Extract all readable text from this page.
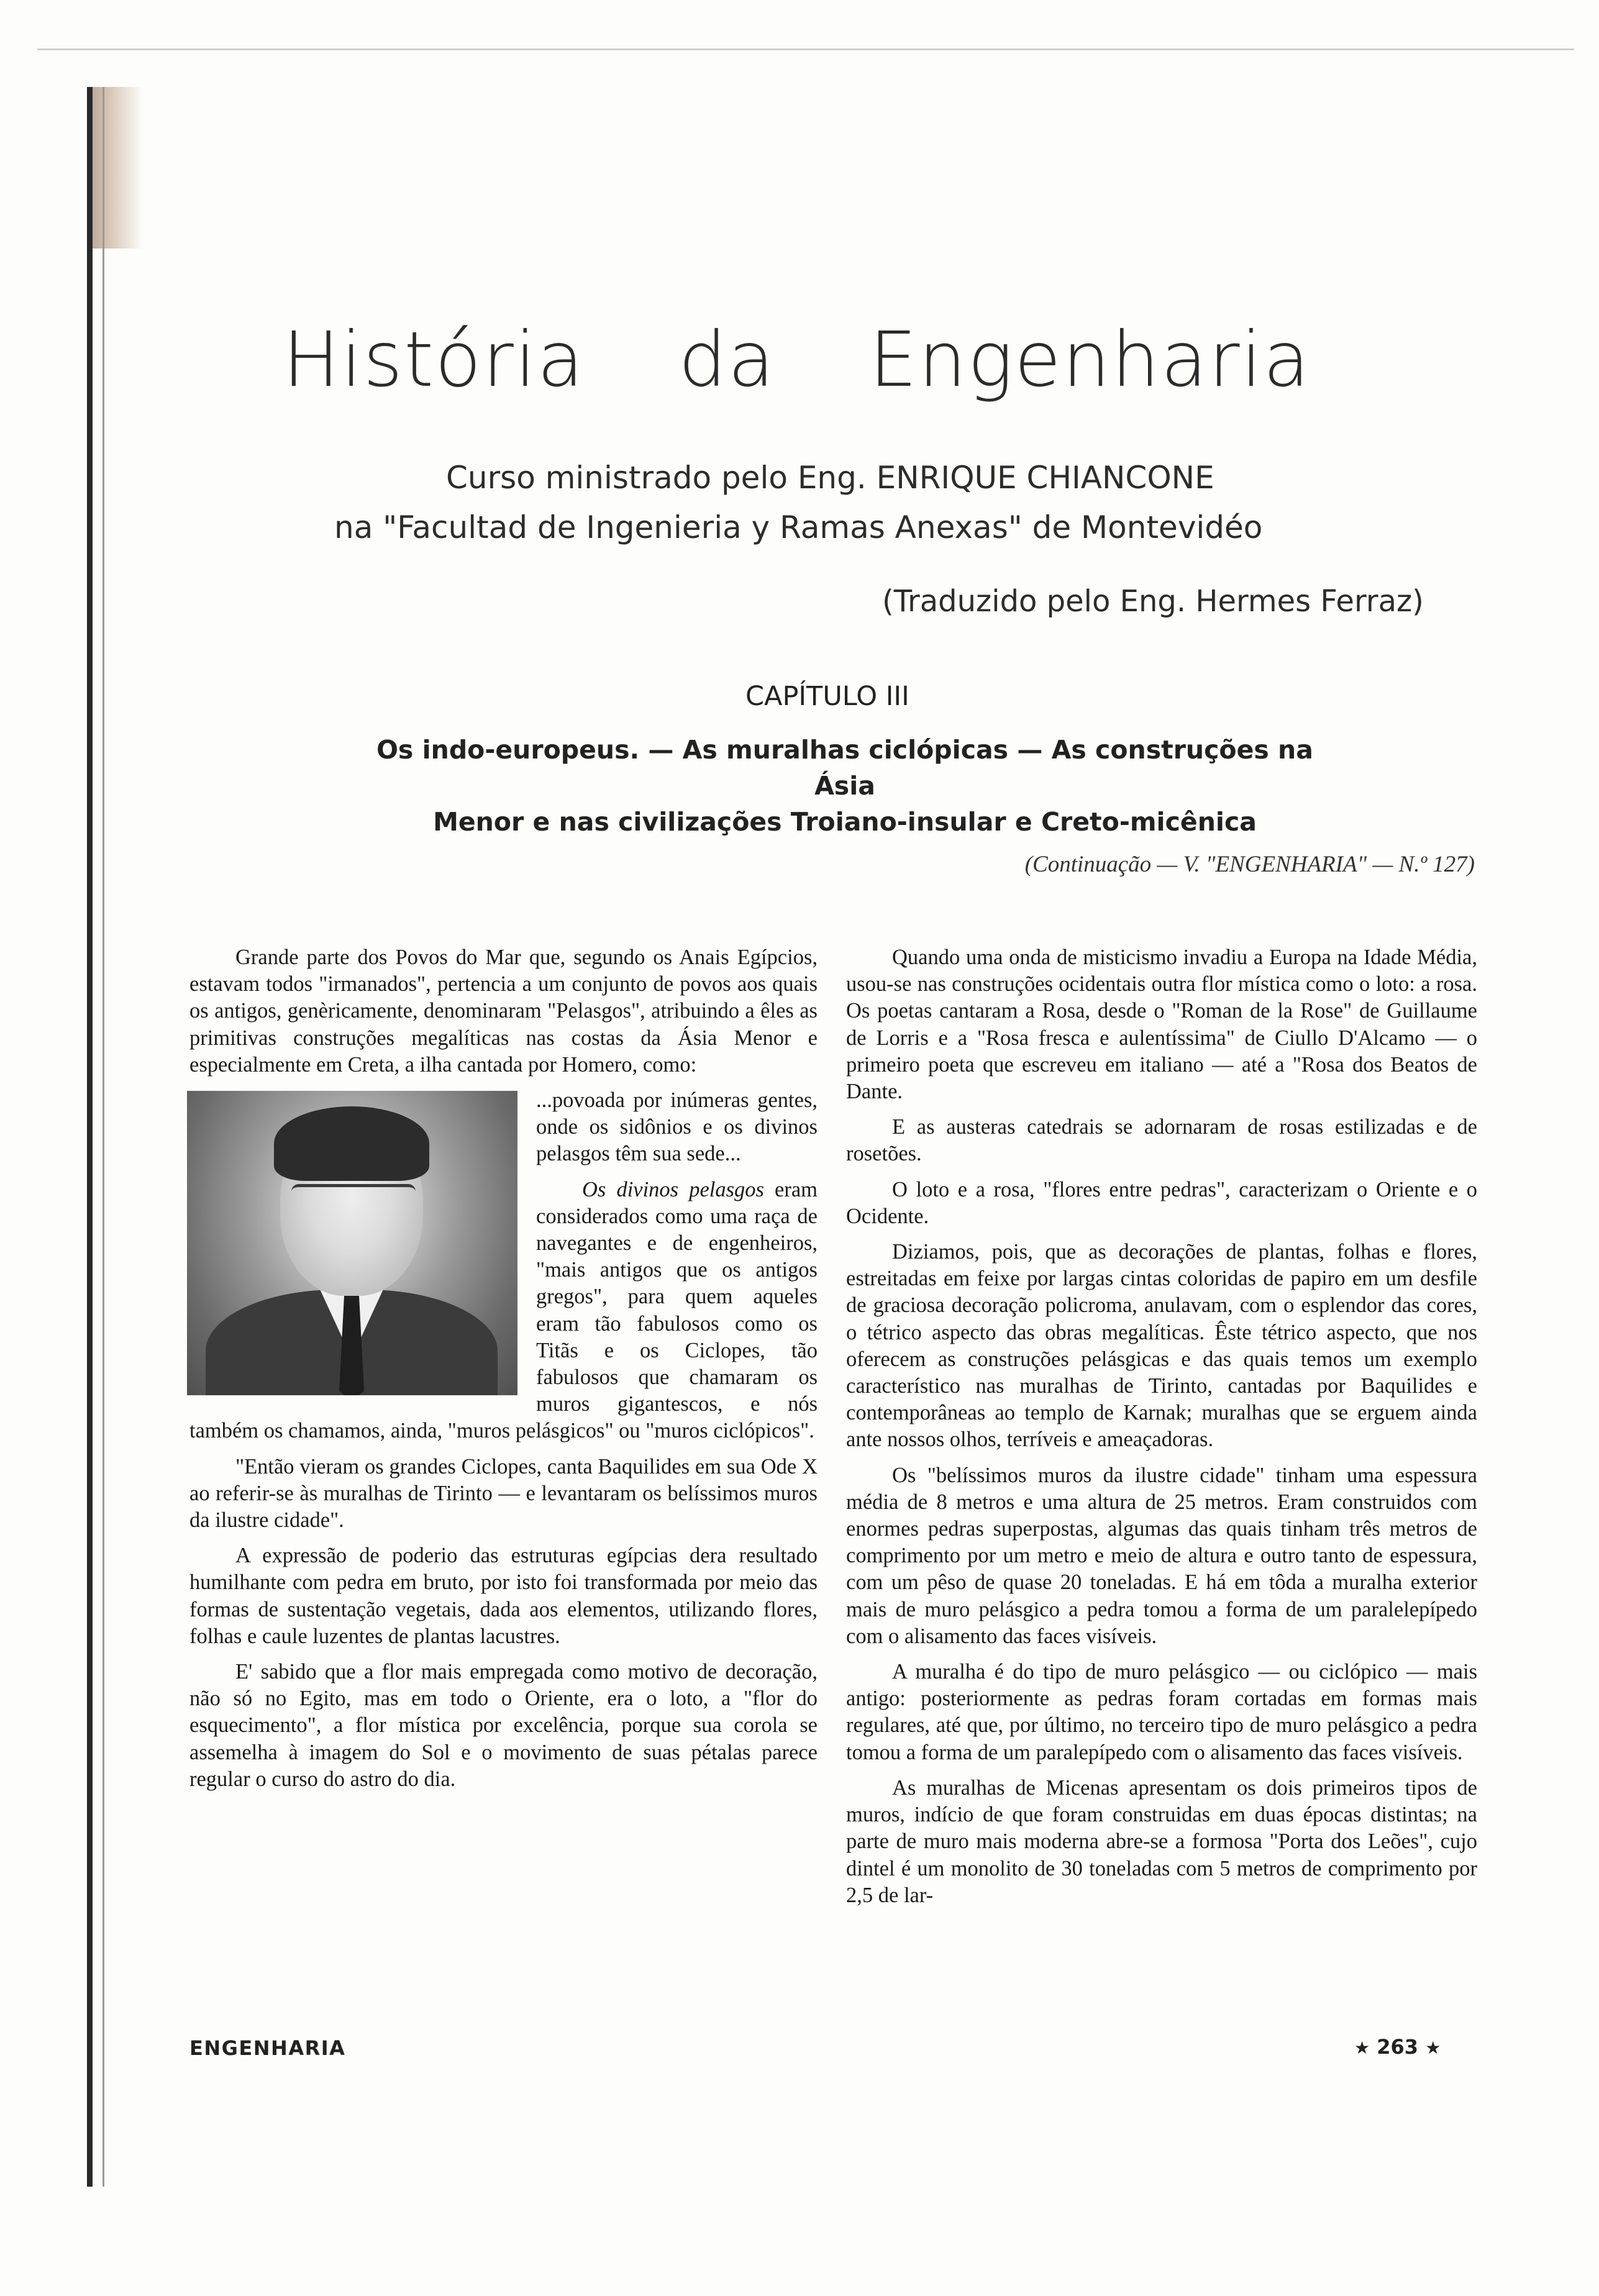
História da Engenharia
Curso ministrado pelo Eng. ENRIQUE CHIANCONE
na "Facultad de Ingenieria y Ramas Anexas" de Montevidéo
(Traduzido pelo Eng. Hermes Ferraz)
CAPÍTULO III
Os indo-europeus. — As muralhas ciclópicas — As construções na Ásia
Menor e nas civilizações Troiano-insular e Creto-micênica
(Continuação — V. "ENGENHARIA" — N.º 127)

Grande parte dos Povos do Mar que, segundo os Anais Egípcios, estavam todos "irmanados", pertencia a um conjunto de povos aos quais os antigos, genèricamente, denominaram "Pelasgos", atribuindo a êles as primitivas construções megalíticas nas costas da Ásia Menor e especialmente em Creta, a ilha cantada por Homero, como:

...povoada por inúmeras gentes, onde os sidônios e os divinos pelasgos têm sua sede...

Os divinos pelasgos eram considerados como uma raça de navegantes e de engenheiros, "mais antigos que os antigos gregos", para quem aqueles eram tão fabulosos como os Titãs e os Ciclopes, tão fabulosos que chamaram os muros gigantescos, e nós também os chamamos, ainda, "muros pelásgicos" ou "muros ciclópicos".

"Então vieram os grandes Ciclopes, canta Baquilides em sua Ode X ao referir-se às muralhas de Tirinto — e levantaram os belíssimos muros da ilustre cidade".

A expressão de poderio das estruturas egípcias dera resultado humilhante com pedra em bruto, por isto foi transformada por meio das formas de sustentação vegetais, dada aos elementos, utilizando flores, folhas e caule luzentes de plantas lacustres.

E' sabido que a flor mais empregada como motivo de decoração, não só no Egito, mas em todo o Oriente, era o loto, a "flor do esquecimento", a flor mística por excelência, porque sua corola se assemelha à imagem do Sol e o movimento de suas pétalas parece regular o curso do astro do dia.

Quando uma onda de misticismo invadiu a Europa na Idade Média, usou-se nas construções ocidentais outra flor mística como o loto: a rosa. Os poetas cantaram a Rosa, desde o "Roman de la Rose" de Guillaume de Lorris e a "Rosa fresca e aulentíssima" de Ciullo D'Alcamo — o primeiro poeta que escreveu em italiano — até a "Rosa dos Beatos de Dante.

E as austeras catedrais se adornaram de rosas estilizadas e de rosetões.

O loto e a rosa, "flores entre pedras", caracterizam o Oriente e o Ocidente.

Diziamos, pois, que as decorações de plantas, folhas e flores, estreitadas em feixe por largas cintas coloridas de papiro em um desfile de graciosa decoração policroma, anulavam, com o esplendor das cores, o tétrico aspecto das obras megalíticas. Êste tétrico aspecto, que nos oferecem as construções pelásgicas e das quais temos um exemplo característico nas muralhas de Tirinto, cantadas por Baquilides e contemporâneas ao templo de Karnak; muralhas que se erguem ainda ante nossos olhos, terríveis e ameaçadoras.

Os "belíssimos muros da ilustre cidade" tinham uma espessura média de 8 metros e uma altura de 25 metros. Eram construidos com enormes pedras superpostas, algumas das quais tinham três metros de comprimento por um metro e meio de altura e outro tanto de espessura, com um pêso de quase 20 toneladas. E há em tôda a muralha exterior mais de muro pelásgico a pedra tomou a forma de um paralelepípedo com o alisamento das faces visíveis.

A muralha é do tipo de muro pelásgico — ou ciclópico — mais antigo: posteriormente as pedras foram cortadas em formas mais regulares, até que, por último, no terceiro tipo de muro pelásgico a pedra tomou a forma de um paralepípedo com o alisamento das faces visíveis.

As muralhas de Micenas apresentam os dois primeiros tipos de muros, indício de que foram construidas em duas épocas distintas; na parte de muro mais moderna abre-se a formosa "Porta dos Leões", cujo dintel é um monolito de 30 toneladas com 5 metros de comprimento por 2,5 de lar-

ENGENHARIA	★ 263 ★
